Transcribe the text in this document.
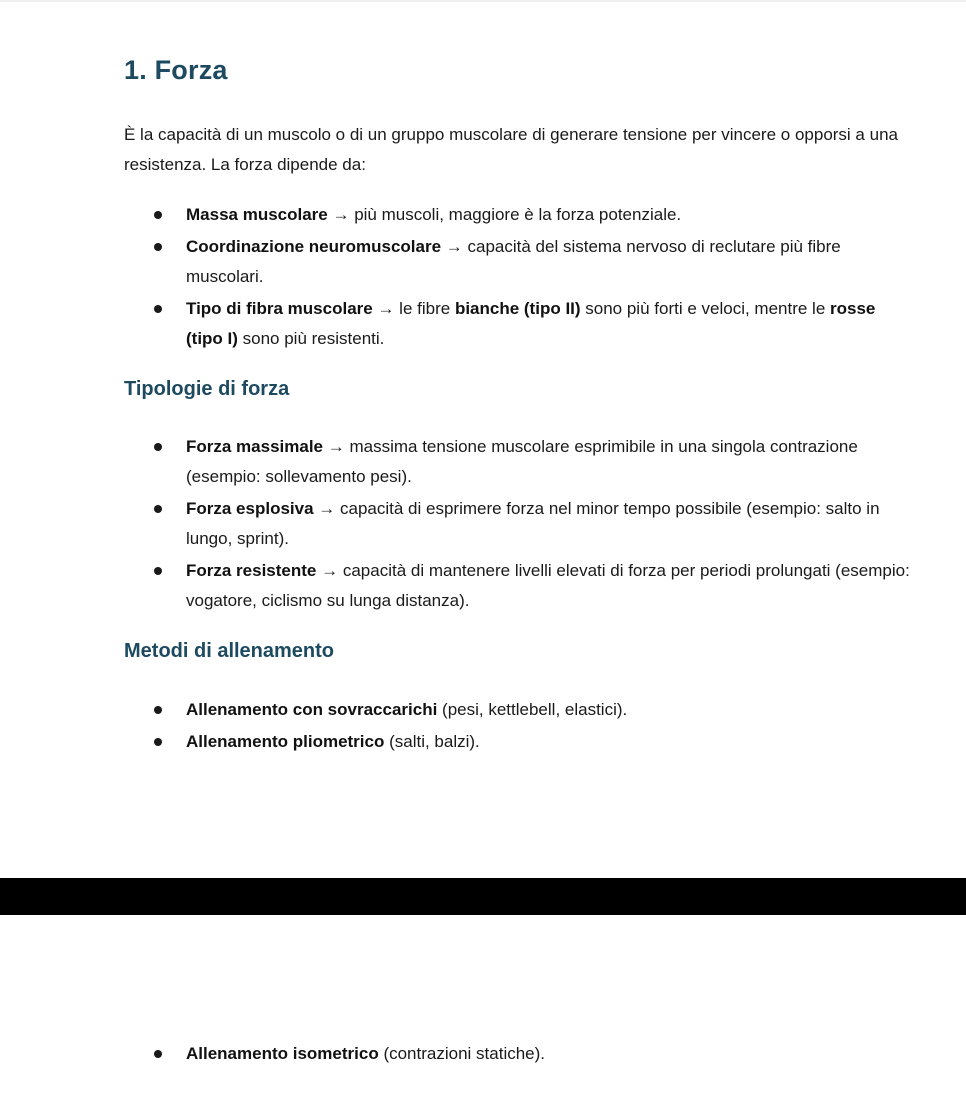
1. Forza

È la capacità di un muscolo o di un gruppo muscolare di generare tensione per vincere o opporsi a una resistenza. La forza dipende da:

Massa muscolare → più muscoli, maggiore è la forza potenziale.
Coordinazione neuromuscolare → capacità del sistema nervoso di reclutare più fibre muscolari.
Tipo di fibra muscolare → le fibre bianche (tipo II) sono più forti e veloci, mentre le rosse (tipo I) sono più resistenti.
Tipologie di forza
Forza massimale → massima tensione muscolare esprimibile in una singola contrazione (esempio: sollevamento pesi).
Forza esplosiva → capacità di esprimere forza nel minor tempo possibile (esempio: salto in lungo, sprint).
Forza resistente → capacità di mantenere livelli elevati di forza per periodi prolungati (esempio: vogatore, ciclismo su lunga distanza).
Metodi di allenamento
Allenamento con sovraccarichi (pesi, kettlebell, elastici).
Allenamento pliometrico (salti, balzi).
Allenamento isometrico (contrazioni statiche).
